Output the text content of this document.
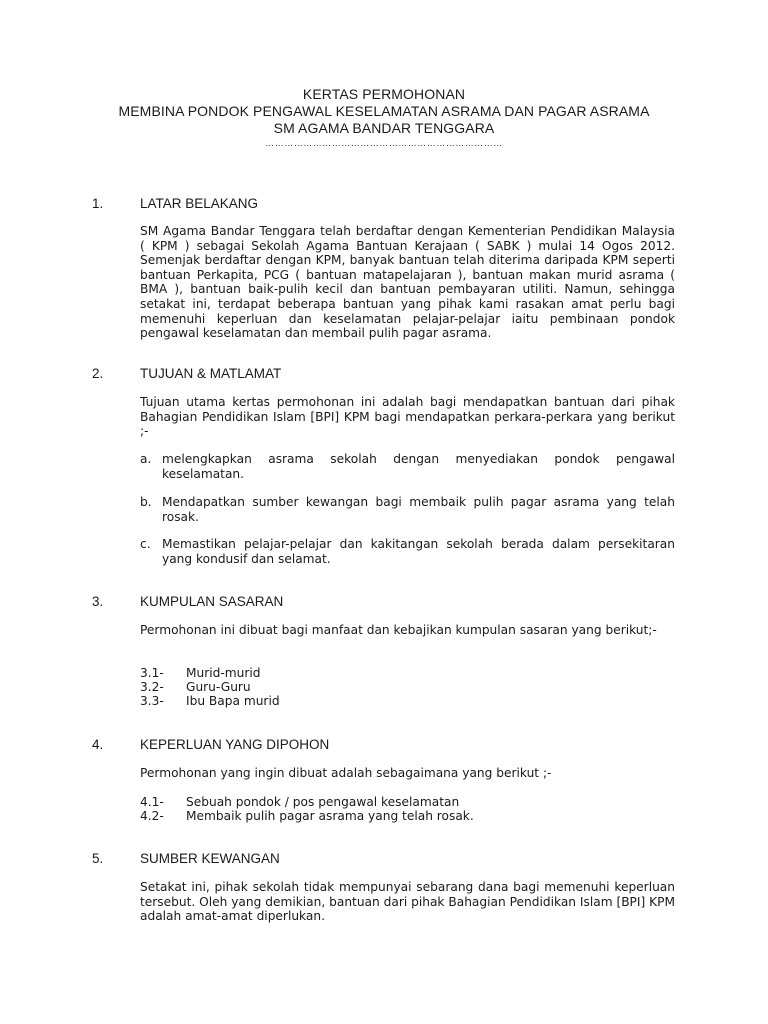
KERTAS PERMOHONAN
MEMBINA PONDOK PENGAWAL KESELAMATAN ASRAMA DAN PAGAR ASRAMA
SM AGAMA BANDAR TENGGARA
…………………………………………………………………
1.	LATAR BELAKANG
SM Agama Bandar Tenggara telah berdaftar dengan Kementerian Pendidikan Malaysia ( KPM ) sebagai Sekolah Agama Bantuan Kerajaan ( SABK ) mulai 14 Ogos 2012. Semenjak berdaftar dengan KPM, banyak bantuan telah diterima daripada KPM seperti bantuan Perkapita, PCG ( bantuan matapelajaran ), bantuan makan murid asrama ( BMA ), bantuan baik-pulih kecil dan bantuan pembayaran utiliti. Namun, sehingga setakat ini, terdapat beberapa bantuan yang pihak kami rasakan amat perlu bagi memenuhi keperluan dan keselamatan pelajar-pelajar iaitu pembinaan pondok pengawal keselamatan dan membail pulih pagar asrama.
2.	TUJUAN & MATLAMAT
Tujuan utama kertas permohonan ini adalah bagi mendapatkan bantuan dari pihak Bahagian Pendidikan Islam [BPI] KPM bagi mendapatkan perkara-perkara yang berikut ;-
a. melengkapkan asrama sekolah dengan menyediakan pondok pengawal keselamatan.
b. Mendapatkan sumber kewangan bagi membaik pulih pagar asrama yang telah rosak.
c. Memastikan pelajar-pelajar dan kakitangan sekolah berada dalam persekitaran yang kondusif dan selamat.
3.	KUMPULAN SASARAN
Permohonan ini dibuat bagi manfaat dan kebajikan kumpulan sasaran yang berikut;-
3.1- Murid-murid
3.2- Guru-Guru
3.3- Ibu Bapa murid
4.	KEPERLUAN YANG DIPOHON
Permohonan yang ingin dibuat adalah sebagaimana yang berikut ;-
4.1- Sebuah pondok / pos pengawal keselamatan
4.2- Membaik pulih pagar asrama yang telah rosak.
5.	SUMBER KEWANGAN
Setakat ini, pihak sekolah tidak mempunyai sebarang dana bagi memenuhi keperluan tersebut. Oleh yang demikian, bantuan dari pihak Bahagian Pendidikan Islam [BPI] KPM adalah amat-amat diperlukan.
